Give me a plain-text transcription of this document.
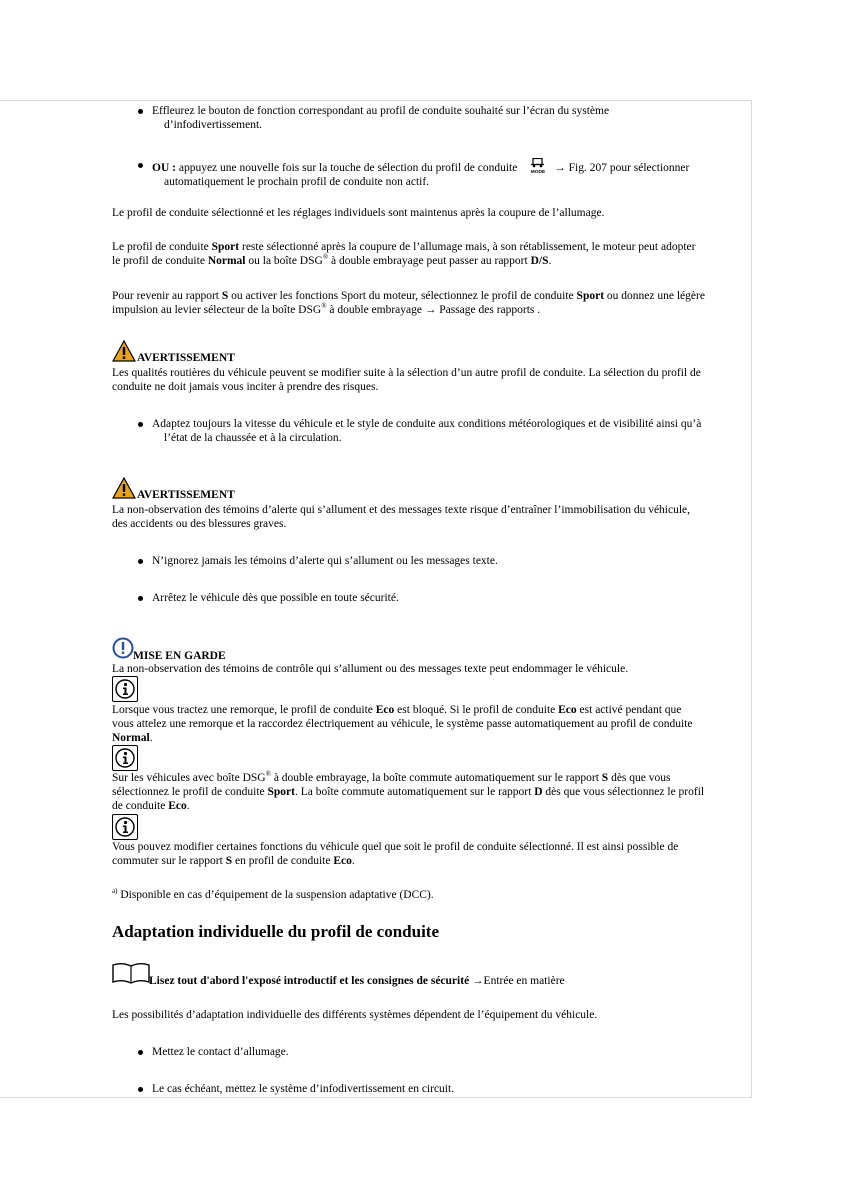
Effleurez le bouton de fonction correspondant au profil de conduite souhaité sur l’écran du système
d’infodivertissement.
OU : appuyez une nouvelle fois sur la touche de sélection du profil de conduite	MODE → Fig. 207 pour sélectionner
automatiquement le prochain profil de conduite non actif.
Le profil de conduite sélectionné et les réglages individuels sont maintenus après la coupure de l’allumage.
Le profil de conduite Sport reste sélectionné après la coupure de l’allumage mais, à son rétablissement, le moteur peut adopter
le profil de conduite Normal ou la boîte DSG® à double embrayage peut passer au rapport D/S.
Pour revenir au rapport S ou activer les fonctions Sport du moteur, sélectionnez le profil de conduite Sport ou donnez une légère
impulsion au levier sélecteur de la boîte DSG® à double embrayage → Passage des rapports .
AVERTISSEMENT
Les qualités routières du véhicule peuvent se modifier suite à la sélection d’un autre profil de conduite. La sélection du profil de
conduite ne doit jamais vous inciter à prendre des risques.
Adaptez toujours la vitesse du véhicule et le style de conduite aux conditions météorologiques et de visibilité ainsi qu’à
l’état de la chaussée et à la circulation.
AVERTISSEMENT
La non-observation des témoins d’alerte qui s’allument et des messages texte risque d’entraîner l’immobilisation du véhicule,
des accidents ou des blessures graves.
N’ignorez jamais les témoins d’alerte qui s’allument ou les messages texte.
Arrêtez le véhicule dès que possible en toute sécurité.
MISE EN GARDE
La non-observation des témoins de contrôle qui s’allument ou des messages texte peut endommager le véhicule.
Lorsque vous tractez une remorque, le profil de conduite Eco est bloqué. Si le profil de conduite Eco est activé pendant que
vous attelez une remorque et la raccordez électriquement au véhicule, le système passe automatiquement au profil de conduite
Normal.
Sur les véhicules avec boîte DSG® à double embrayage, la boîte commute automatiquement sur le rapport S dès que vous
sélectionnez le profil de conduite Sport. La boîte commute automatiquement sur le rapport D dès que vous sélectionnez le profil
de conduite Eco.
Vous pouvez modifier certaines fonctions du véhicule quel que soit le profil de conduite sélectionné. Il est ainsi possible de
commuter sur le rapport S en profil de conduite Eco.
$^{a)}$ Disponible en cas d’équipement de la suspension adaptative (DCC).
Adaptation individuelle du profil de conduite
Lisez tout d'abord l'exposé introductif et les consignes de sécurité →Entrée en matière
Les possibilités d’adaptation individuelle des différents systèmes dépendent de l’équipement du véhicule.
Mettez le contact d’allumage.
Le cas échéant, mettez le système d’infodivertissement en circuit.
